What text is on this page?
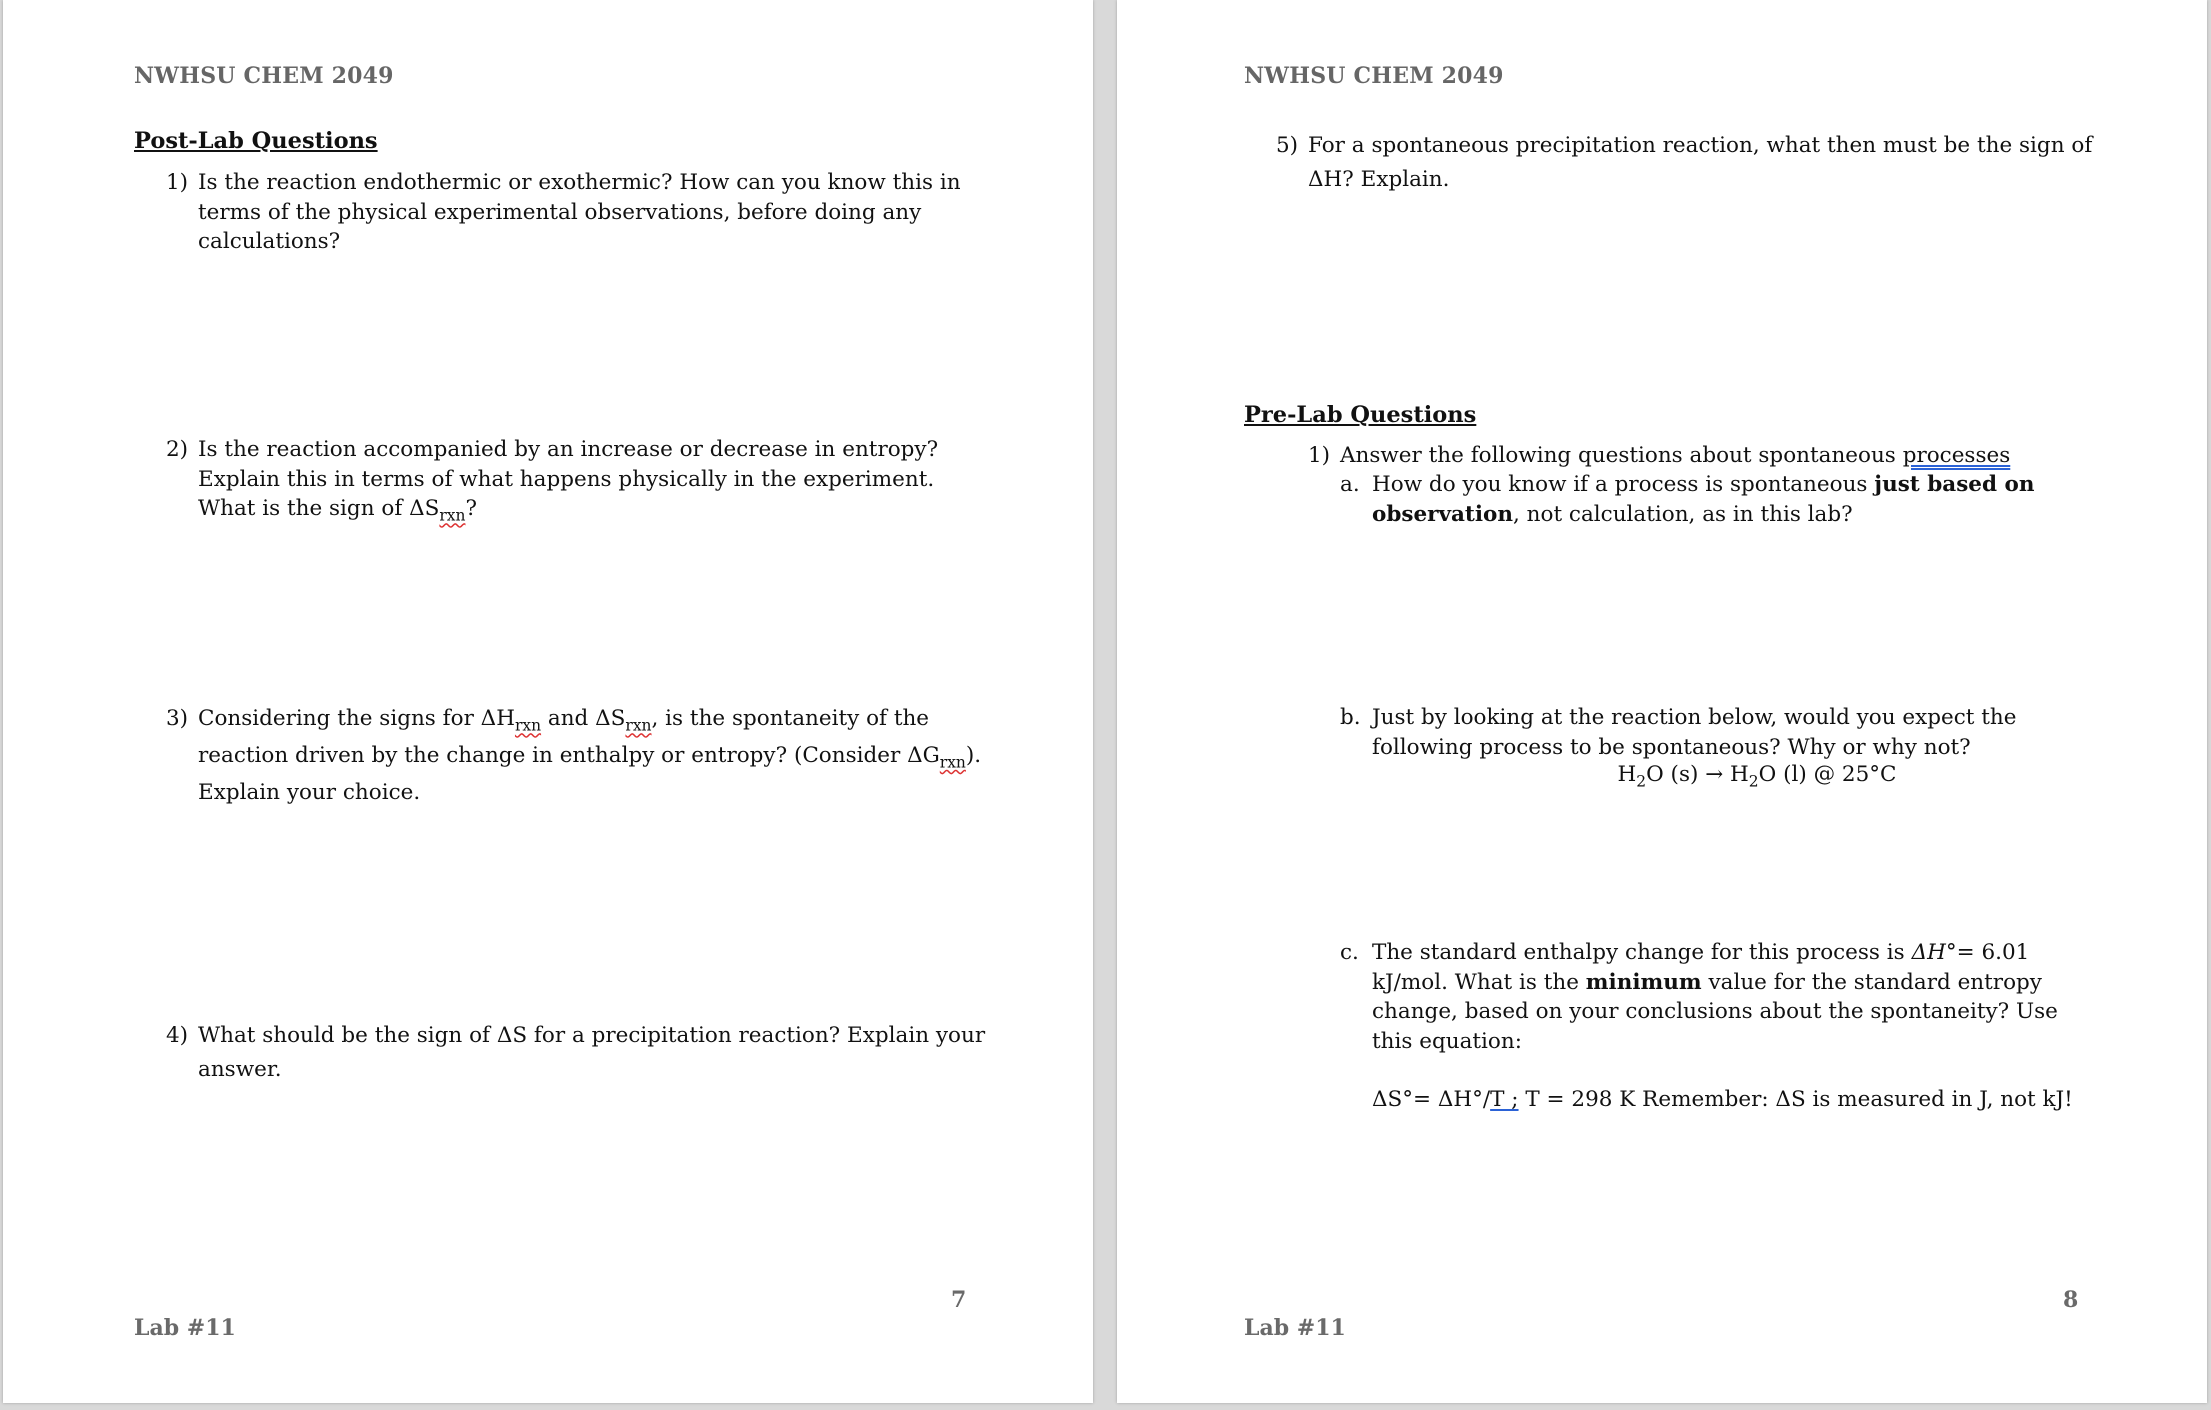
NWHSU CHEM 2049
Post-Lab Questions
1) Is the reaction endothermic or exothermic? How can you know this in
terms of the physical experimental observations, before doing any
calculations?
2) Is the reaction accompanied by an increase or decrease in entropy?
Explain this in terms of what happens physically in the experiment.
What is the sign of $\Delta S_{rxn}$?
3) Considering the signs for $\Delta H_{rxn}$ and $\Delta S_{rxn}$, is the spontaneity of the
reaction driven by the change in enthalpy or entropy? (Consider $\Delta G_{rxn}$).
Explain your choice.
4) What should be the sign of ΔS for a precipitation reaction? Explain your
answer.
7
Lab #11
NWHSU CHEM 2049
5) For a spontaneous precipitation reaction, what then must be the sign of
ΔH? Explain.
Pre-Lab Questions
1) Answer the following questions about spontaneous processes
a. How do you know if a process is spontaneous just based on
observation, not calculation, as in this lab?
b. Just by looking at the reaction below, would you expect the
following process to be spontaneous? Why or why not?
$H_2O$ $(s) \to H_2O$ (l) @ 25°C
c. The standard enthalpy change for this process is ΔH°= 6.01
kJ/mol. What is the minimum value for the standard entropy
change, based on your conclusions about the spontaneity? Use
this equation:
ΔS°= ΔH°/T ; T = 298 K Remember: ΔS is measured in J, not kJ!
8
Lab #11
